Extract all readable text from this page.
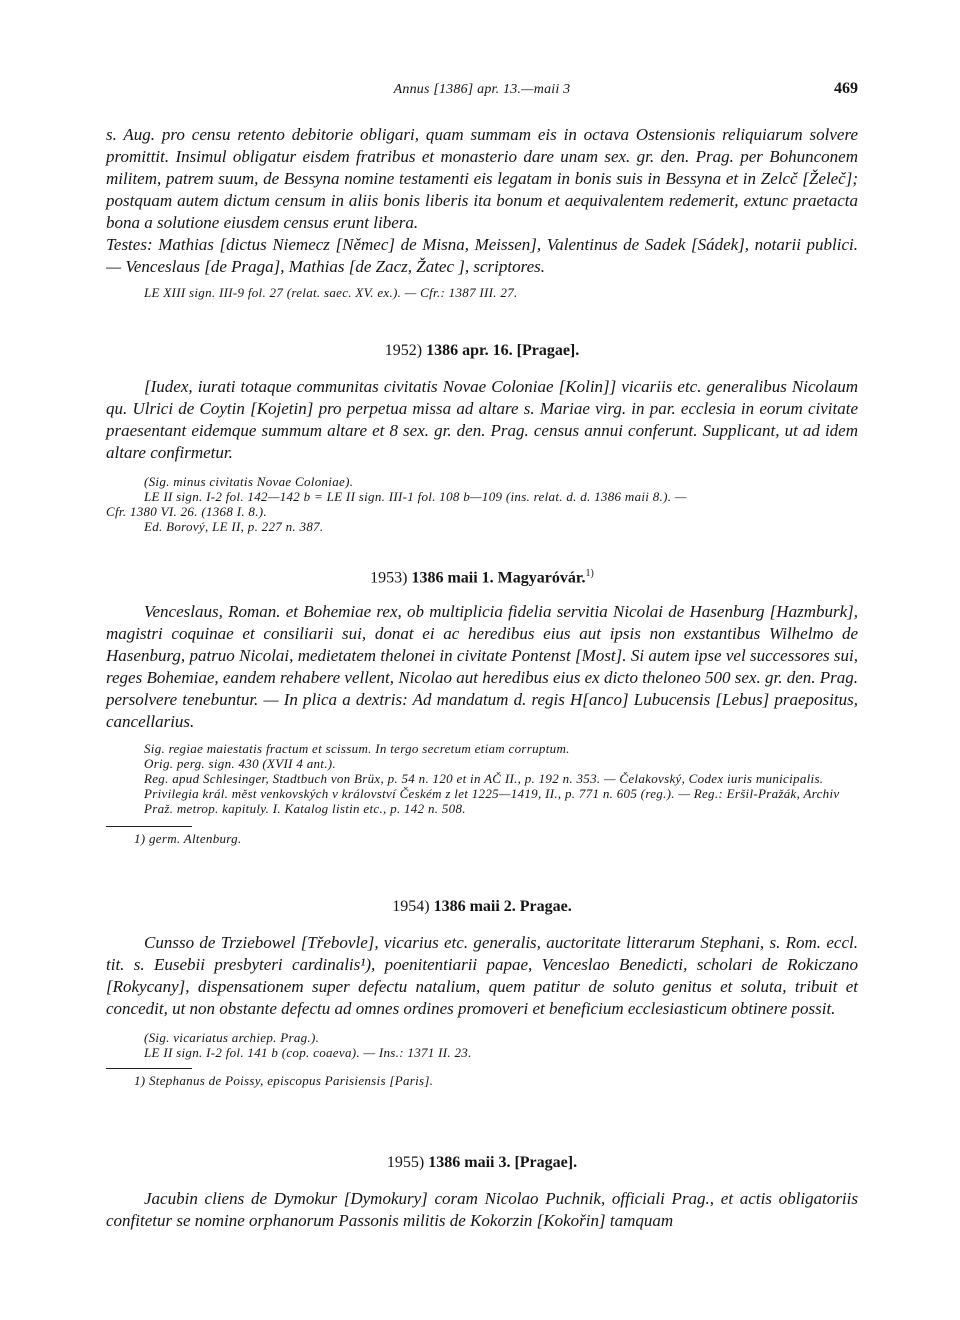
Annus [1386] apr. 13.—maii 3	469

s. Aug. pro censu retento debitorie obligari, quam summam eis in octava Ostensionis reliquiarum solvere promittit. Insimul obligatur eisdem fratribus et monasterio dare unam sex. gr. den. Prag. per Bohunconem militem, patrem suum, de Bessyna nomine testamenti eis legatam in bonis suis in Bessyna et in Zelcč [Želeč]; postquam autem dictum censum in aliis bonis liberis ita bonum et aequivalentem redemerit, extunc praetacta bona a solutione eiusdem census erunt libera.

Testes: Mathias [dictus Niemecz [Němec] de Misna, Meissen], Valentinus de Sadek [Sádek], notarii publici. — Venceslaus [de Praga], Mathias [de Zacz, Žatec ], scriptores.

LE XIII sign. III-9 fol. 27 (relat. saec. XV. ex.). — Cfr.: 1387 III. 27.

1952) 1386 apr. 16. [Pragae].

[Iudex, iurati totaque communitas civitatis Novae Coloniae [Kolin]] vicariis etc. generalibus Nicolaum qu. Ulrici de Coytin [Kojetin] pro perpetua missa ad altare s. Mariae virg. in par. ecclesia in eorum civitate praesentant eidemque summum altare et 8 sex. gr. den. Prag. census annui conferunt. Supplicant, ut ad idem altare confirmetur.

(Sig. minus civitatis Novae Coloniae).

LE II sign. I-2 fol. 142—142 b = LE II sign. III-1 fol. 108 b—109 (ins. relat. d. d. 1386 maii 8.). —

Cfr. 1380 VI. 26. (1368 I. 8.).

Ed. Borový, LE II, p. 227 n. 387.

1953) 1386 maii 1. Magyaróvár.$^{1)}$

Venceslaus, Roman. et Bohemiae rex, ob multiplicia fidelia servitia Nicolai de Hasenburg [Hazmburk], magistri coquinae et consiliarii sui, donat ei ac heredibus eius aut ipsis non exstantibus Wilhelmo de Hasenburg, patruo Nicolai, medietatem thelonei in civitate Pontenst [Most]. Si autem ipse vel successores sui, reges Bohemiae, eandem rehabere vellent, Nicolao aut heredibus eius ex dicto theloneo 500 sex. gr. den. Prag. persolvere tenebuntur. — In plica a dextris: Ad mandatum d. regis H[anco] Lubucensis [Lebus] praepositus, cancellarius.

Sig. regiae maiestatis fractum et scissum. In tergo secretum etiam corruptum.

Orig. perg. sign. 430 (XVII 4 ant.).

Reg. apud Schlesinger, Stadtbuch von Brüx, p. 54 n. 120 et in AČ II., p. 192 n. 353. — Čelakovský, Codex iuris municipalis. Privilegia král. měst venkovských v království Českém z let 1225—1419, II., p. 771 n. 605 (reg.). — Reg.: Eršil-Pražák, Archiv Praž. metrop. kapituly. I. Katalog listin etc., p. 142 n. 508.

1) germ. Altenburg.

1954) 1386 maii 2. Pragae.

Cunsso de Trziebowel [Třebovle], vicarius etc. generalis, auctoritate litterarum Stephani, s. Rom. eccl. tit. s. Eusebii presbyteri cardinalis¹), poenitentiarii papae, Venceslao Benedicti, scholari de Rokiczano [Rokycany], dispensationem super defectu natalium, quem patitur de soluto genitus et soluta, tribuit et concedit, ut non obstante defectu ad omnes ordines promoveri et beneficium ecclesiasticum obtinere possit.

(Sig. vicariatus archiep. Prag.).

LE II sign. I-2 fol. 141 b (cop. coaeva). — Ins.: 1371 II. 23.

1) Stephanus de Poissy, episcopus Parisiensis [Paris].

1955) 1386 maii 3. [Pragae].

Jacubin cliens de Dymokur [Dymokury] coram Nicolao Puchnik, officiali Prag., et actis obligatoriis confitetur se nomine orphanorum Passonis militis de Kokorzin [Kokořin] tamquam
